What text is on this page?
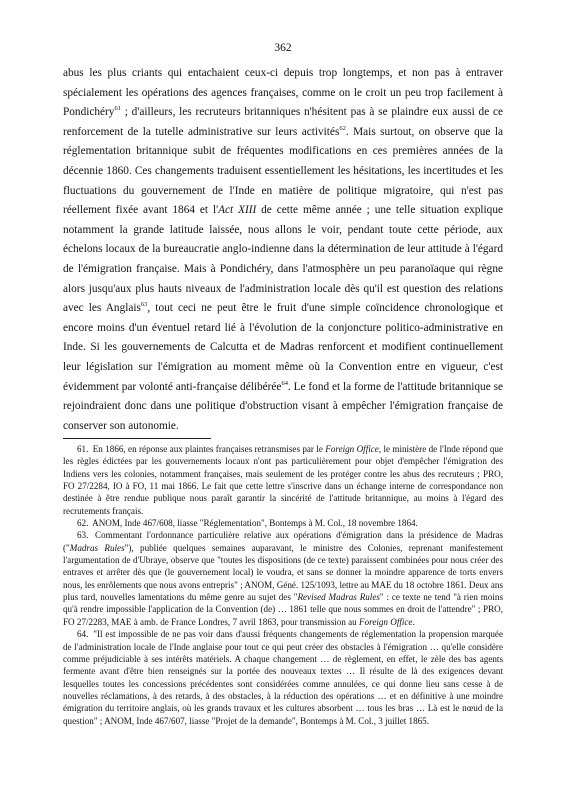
362
abus les plus criants qui entachaient ceux-ci depuis trop longtemps, et non pas à entraver spécialement les opérations des agences françaises, comme on le croit un peu trop facilement à Pondichéry$^{61}$ ; d'ailleurs, les recruteurs britanniques n'hésitent pas à se plaindre eux aussi de ce renforcement de la tutelle administrative sur leurs activités$^{62}$. Mais surtout, on observe que la réglementation britannique subit de fréquentes modifications en ces premières années de la décennie 1860. Ces changements traduisent essentiellement les hésitations, les incertitudes et les fluctuations du gouvernement de l'Inde en matière de politique migratoire, qui n'est pas réellement fixée avant 1864 et l'Act XIII de cette même année ; une telle situation explique notamment la grande latitude laissée, nous allons le voir, pendant toute cette période, aux échelons locaux de la bureaucratie anglo-indienne dans la détermination de leur attitude à l'égard de l'émigration française. Mais à Pondichéry, dans l'atmosphère un peu paranoïaque qui règne alors jusqu'aux plus hauts niveaux de l'administration locale dès qu'il est question des relations avec les Anglais$^{63}$, tout ceci ne peut être le fruit d'une simple coïncidence chronologique et encore moins d'un éventuel retard lié à l'évolution de la conjoncture politico-administrative en Inde. Si les gouvernements de Calcutta et de Madras renforcent et modifient continuellement leur législation sur l'émigration au moment même où la Convention entre en vigueur, c'est évidemment par volonté anti-française délibérée$^{64}$. Le fond et la forme de l'attitude britannique se rejoindraient donc dans une politique d'obstruction visant à empêcher l'émigration française de conserver son autonomie.

61. En 1866, en réponse aux plaintes françaises retransmises par le Foreign Office, le ministère de l'Inde répond que les règles édictées par les gouvernements locaux n'ont pas particulièrement pour objet d'empêcher l'émigration des Indiens vers les colonies, notamment françaises, mais seulement de les protéger contre les abus des recruteurs ; PRO, FO 27/2284, IO à FO, 11 mai 1866. Le fait que cette lettre s'inscrive dans un échange interne de correspondance non destinée à être rendue publique nous paraît garantir la sincérité de l'attitude britannique, au moins à l'égard des recrutements français.

62. ANOM, Inde 467/608, liasse "Réglementation", Bontemps à M. Col., 18 novembre 1864.

63. Commentant l'ordonnance particulière relative aux opérations d'émigration dans la présidence de Madras ("Madras Rules"), publiée quelques semaines auparavant, le ministre des Colonies, reprenant manifestement l'argumentation de d'Ubraye, observe que "toutes les dispositions (de ce texte) paraissent combinées pour nous créer des entraves et arrêter dès que (le gouvernement local) le voudra, et sans se donner la moindre apparence de torts envers nous, les enrôlements que nous avons entrepris" ; ANOM, Géné. 125/1093, lettre au MAE du 18 octobre 1861. Deux ans plus tard, nouvelles lamentations du même genre au sujet des "Revised Madras Rules" : ce texte ne tend "à rien moins qu'à rendre impossible l'application de la Convention (de) … 1861 telle que nous sommes en droit de l'attendre" ; PRO, FO 27/2283, MAE à amb. de France Londres, 7 avril 1863, pour transmission au Foreign Office.

64. "Il est impossible de ne pas voir dans d'aussi fréquents changements de réglementation la propension marquée de l'administration locale de l'Inde anglaise pour tout ce qui peut créer des obstacles à l'émigration … qu'elle considère comme préjudiciable à ses intérêts matériels. A chaque changement … de règlement, en effet, le zèle des bas agents fermente avant d'être bien renseignés sur la portée des nouveaux textes … Il résulte de là des exigences devant lesquelles toutes les concessions précédentes sont considérées comme annulées, ce qui donne lieu sans cesse à de nouvelles réclamations, à des retards, à des obstacles, à la réduction des opérations … et en définitive à une moindre émigration du territoire anglais, où les grands travaux et les cultures absorbent … tous les bras … Là est le nœud de la question" ; ANOM, Inde 467/607, liasse "Projet de la demande", Bontemps à M. Col., 3 juillet 1865.
